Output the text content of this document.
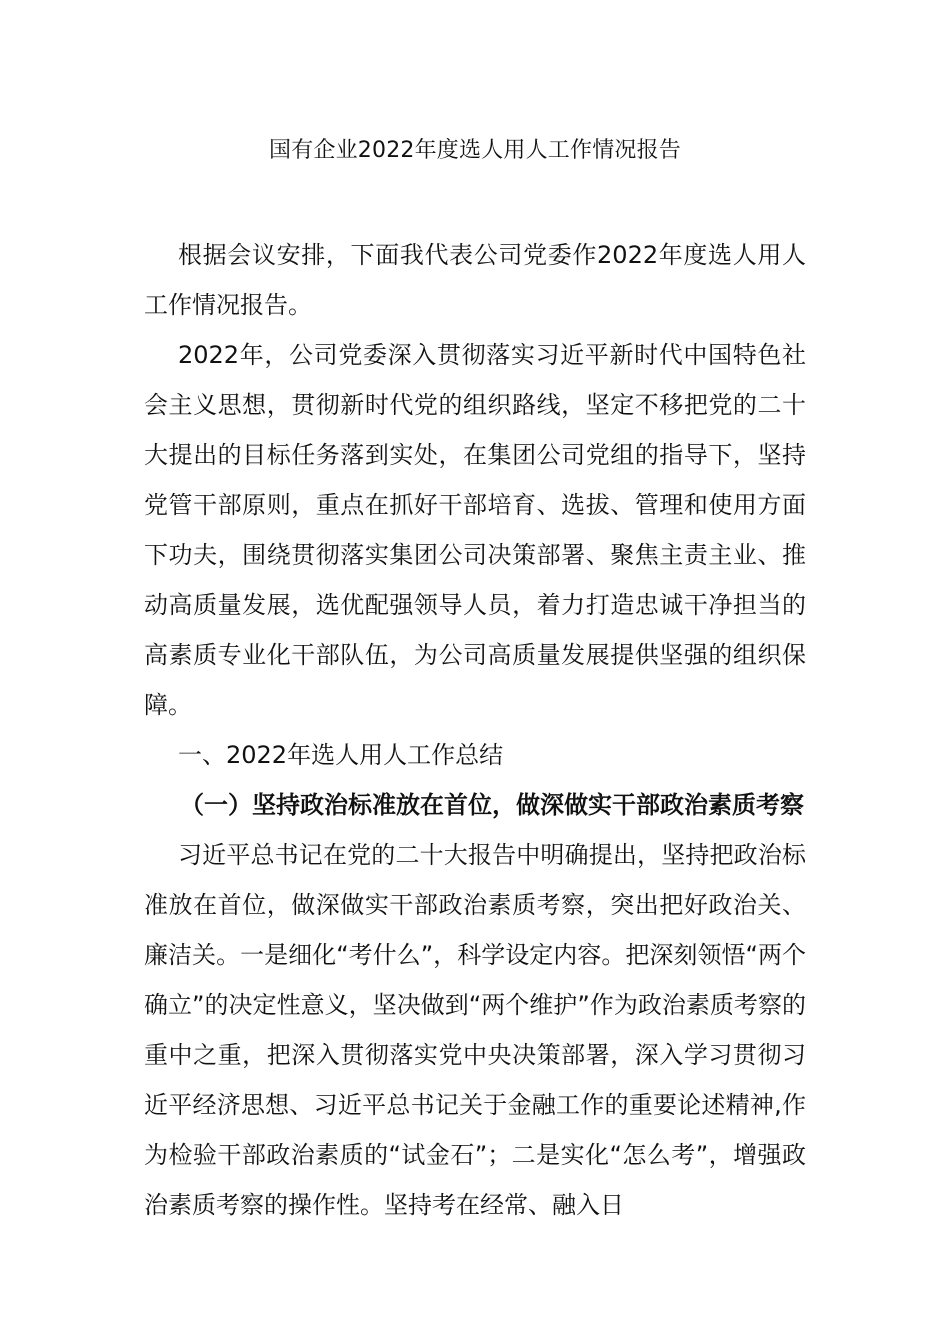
国有企业2022年度选人用人工作情况报告

根据会议安排，下面我代表公司党委作2022年度选人用人工作情况报告。

2022年，公司党委深入贯彻落实习近平新时代中国特色社会主义思想，贯彻新时代党的组织路线，坚定不移把党的二十大提出的目标任务落到实处，在集团公司党组的指导下，坚持党管干部原则，重点在抓好干部培育、选拔、管理和使用方面下功夫，围绕贯彻落实集团公司决策部署、聚焦主责主业、推动高质量发展，选优配强领导人员，着力打造忠诚干净担当的高素质专业化干部队伍，为公司高质量发展提供坚强的组织保障。

一、2022年选人用人工作总结

（一）坚持政治标准放在首位，做深做实干部政治素质考察

习近平总书记在党的二十大报告中明确提出，坚持把政治标准放在首位，做深做实干部政治素质考察，突出把好政治关、廉洁关。一是细化“考什么”，科学设定内容。把深刻领悟“两个确立”的决定性意义，坚决做到“两个维护”作为政治素质考察的重中之重，把深入贯彻落实党中央决策部署，深入学习贯彻习近平经济思想、习近平总书记关于金融工作的重要论述精神,作为检验干部政治素质的“试金石”；二是实化“怎么考”，增强政治素质考察的操作性。坚持考在经常、融入日
